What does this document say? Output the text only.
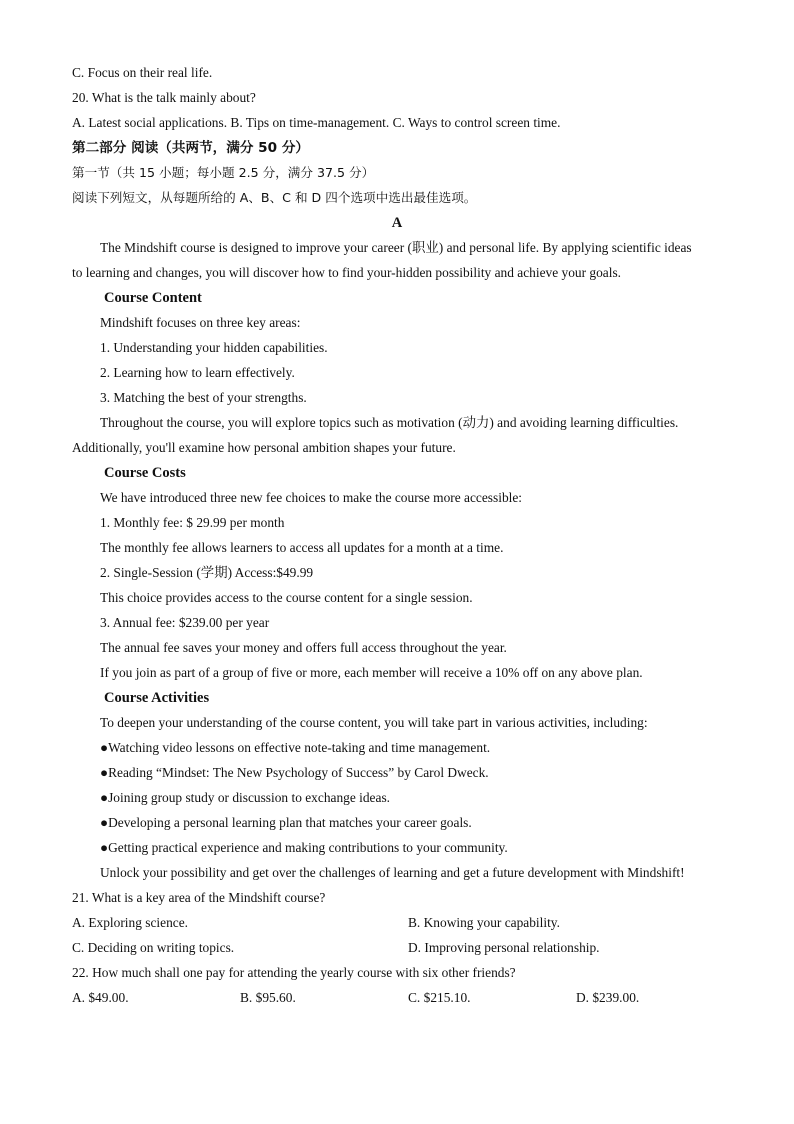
C. Focus on their real life.
20. What is the talk mainly about?
A. Latest social applications. B. Tips on time-management. C. Ways to control screen time.
第二部分 阅读（共两节，满分 50 分）
第一节（共 15 小题；每小题 2.5 分，满分 37.5 分）
阅读下列短文，从每题所给的 A、B、C 和 D 四个选项中选出最佳选项。
A
The Mindshift course is designed to improve your career (职业) and personal life. By applying scientific ideas
to learning and changes, you will discover how to find your-hidden possibility and achieve your goals.
Course Content
Mindshift focuses on three key areas:
1. Understanding your hidden capabilities.
2. Learning how to learn effectively.
3. Matching the best of your strengths.
Throughout the course, you will explore topics such as motivation (动力) and avoiding learning difficulties.
Additionally, you'll examine how personal ambition shapes your future.
Course Costs
We have introduced three new fee choices to make the course more accessible:
1. Monthly fee: $ 29.99 per month
The monthly fee allows learners to access all updates for a month at a time.
2. Single-Session (学期) Access:$49.99
This choice provides access to the course content for a single session.
3. Annual fee: $239.00 per year
The annual fee saves your money and offers full access throughout the year.
If you join as part of a group of five or more, each member will receive a 10% off on any above plan.
Course Activities
To deepen your understanding of the course content, you will take part in various activities, including:
●Watching video lessons on effective note-taking and time management.
●Reading “Mindset: The New Psychology of Success” by Carol Dweck.
●Joining group study or discussion to exchange ideas.
●Developing a personal learning plan that matches your career goals.
●Getting practical experience and making contributions to your community.
Unlock your possibility and get over the challenges of learning and get a future development with Mindshift!
21. What is a key area of the Mindshift course?
A. Exploring science.	B. Knowing your capability.
C. Deciding on writing topics.	D. Improving personal relationship.
22. How much shall one pay for attending the yearly course with six other friends?
A. $49.00.	B. $95.60.	C. $215.10.	D. $239.00.
